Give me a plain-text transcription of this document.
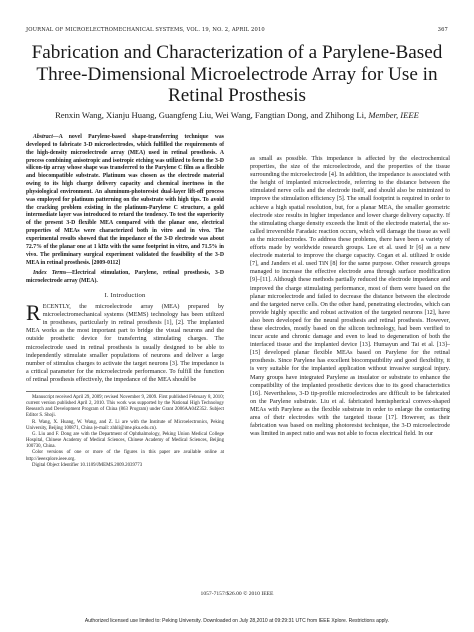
JOURNAL OF MICROELECTROMECHANICAL SYSTEMS, VOL. 19, NO. 2, APRIL 2010	367
Fabrication and Characterization of a Parylene-Based Three-Dimensional Microelectrode Array for Use in Retinal Prosthesis
Renxin Wang, Xianju Huang, Guangfeng Liu, Wei Wang, Fangtian Dong, and Zhihong Li, Member, IEEE

Abstract—A novel Parylene-based shape-transferring technique was developed to fabricate 3-D microelectrodes, which fulfilled the requirements of the high-density microelectrode array (MEA) used in retinal prosthesis. A process combining anisotropic and isotropic etching was utilized to form the 3-D silicon-tip array whose shape was transferred to the Parylene C film as a flexible and biocompatible substrate. Platinum was chosen as the electrode material owing to its high charge delivery capacity and chemical inertness in the physiological environment. An aluminum-photoresist dual-layer lift-off process was employed for platinum patterning on the substrate with high tips. To avoid the cracking problem existing in the platinum-Parylene C structure, a gold intermediate layer was introduced to retard the tendency. To test the superiority of the present 3-D flexible MEA compared with the planar one, electrical properties of MEAs were characterized both in vitro and in vivo. The experimental results showed that the impedance of the 3-D electrode was about 72.7% of the planar one at 1 kHz with the same footprint in vitro, and 71.5% in vivo. The preliminary surgical experiment validated the feasibility of the 3-D MEA in retinal prosthesis. [2009-0112]

Index Terms—Electrical stimulation, Parylene, retinal prosthesis, 3-D microelectrode array (MEA).

I. Introduction

RECENTLY, the microelectrode array (MEA) prepared by microelectromechanical systems (MEMS) technology has been utilized in prostheses, particularly in retinal prosthesis [1], [2]. The implanted MEA works as the most important part to bridge the visual neurons and the outside prosthetic device for transferring stimulating charges. The microelectrode used in retinal prosthesis is usually designed to be able to independently stimulate smaller populations of neurons and deliver a large number of stimulus charges to activate the target neurons [3]. The impedance is a critical parameter for the microelectrode performance. To fulfill the function of retinal prosthesis effectively, the impedance of the MEA should be

Manuscript received April 29, 2009; revised November 9, 2009. First published February 8, 2010; current version published April 2, 2010. This work was supported by the National High Technology Research and Development Program of China (863 Program) under Grant 2006AA04Z352. Subject Editor S. Shoji.

R. Wang, X. Huang, W. Wang, and Z. Li are with the Institute of Microelectronics, Peking University, Beijing 100871, China (e-mail: zhhli@ime.pku.edu.cn).

G. Liu and F. Dong are with the Department of Ophthalmology, Peking Union Medical College Hospital, Chinese Academy of Medical Sciences, Chinese Academy of Medical Sciences, Beijing 100730, China.

Color versions of one or more of the figures in this paper are available online at http://ieeexplore.ieee.org.

Digital Object Identifier 10.1109/JMEMS.2009.2039773

as small as possible. This impedance is affected by the electrochemical properties, the size of the microelectrode, and the properties of the tissue surrounding the microelectrode [4]. In addition, the impedance is associated with the height of implanted microelectrode, referring to the distance between the stimulated nerve cells and the electrode itself, and should also be minimized to improve the stimulation efficiency [5]. The small footprint is required in order to achieve a high spatial resolution, but, for a planar MEA, the smaller geometric electrode size results in higher impedance and lower charge delivery capacity. If the stimulating charge density exceeds the limit of the electrode material, the so-called irreversible Faradaic reaction occurs, which will damage the tissue as well as the microelectrodes. To address these problems, there have been a variety of efforts made by worldwide research groups. Lee et al. used Ir [6] as a new electrode material to improve the charge capacity. Cogan et al. utilized Ir oxide [7], and Janders et al. used TiN [8] for the same purpose. Other research groups managed to increase the effective electrode area through surface modification [9]–[11]. Although these methods partially reduced the electrode impedance and improved the charge stimulating performance, most of them were based on the planar microelectrode and failed to decrease the distance between the electrode and the targeted nerve cells. On the other hand, penetrating electrodes, which can provide highly specific and robust activation of the targeted neurons [12], have also been developed for the neural prosthesis and retinal prosthesis. However, these electrodes, mostly based on the silicon technology, had been verified to incur acute and chronic damage and even to lead to degeneration of both the interfaced tissue and the implanted device [13]. Humayun and Tai et al. [13]–[15] developed planar flexible MEAs based on Parylene for the retinal prosthesis. Since Parylene has excellent biocompatibility and good flexibility, it is very suitable for the implanted application without invasive surgical injury. Many groups have integrated Parylene as insulator or substrate to enhance the compatibility of the implanted prosthetic devices due to its good characteristics [16]. Nevertheless, 3-D tip-profile microelectrodes are difficult to be fabricated on the Parylene substrate. Liu et al. fabricated hemispherical convex-shaped MEAs with Parylene as the flexible substrate in order to enlarge the contacting area of their electrodes with the targeted tissue [17]. However, as their fabrication was based on melting photoresist technique, the 3-D microelectrode was limited in aspect ratio and was not able to focus electrical field. In our

1057-7157/$26.00 © 2010 IEEE
Authorized licensed use limited to: Peking University. Downloaded on July 28,2010 at 09:29:31 UTC from IEEE Xplore. Restrictions apply.
